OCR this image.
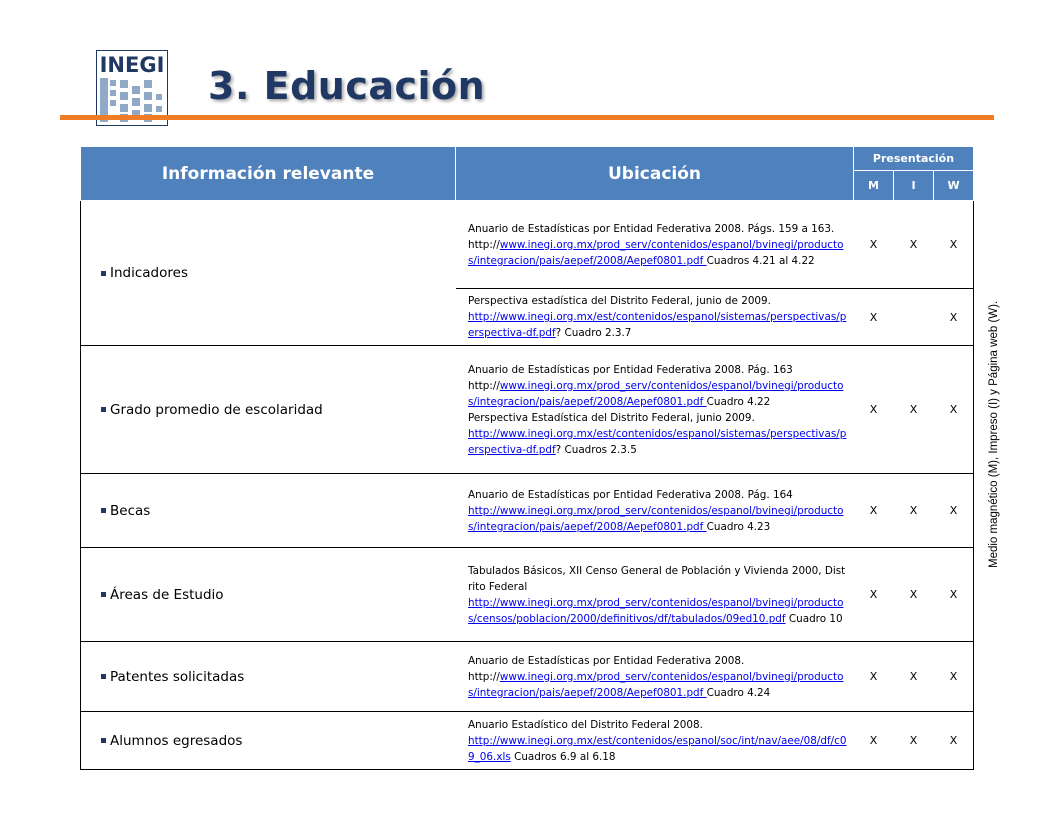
INEGI 3. Educación
Medio magnético (M), Impreso (I) y Página web (W).
Información relevante	Ubicación	Presentación		
		M	I	W
Indicadores	Anuario de Estadísticas por Entidad Federativa 2008. Págs. 159 a 163.
http://www.inegi.org.mx/prod_serv/contenidos/espanol/bvinegi/productos/integracion/pais/aepef/2008/Aepef0801.pdf Cuadros 4.21 al 4.22	X	X	X
	Perspectiva estadística del Distrito Federal, junio de 2009.
http://www.inegi.org.mx/est/contenidos/espanol/sistemas/perspectivas/perspectiva-df.pdf? Cuadro 2.3.7	X		X
Grado promedio de escolaridad	Anuario de Estadísticas por Entidad Federativa 2008. Pág. 163
http://www.inegi.org.mx/prod_serv/contenidos/espanol/bvinegi/productos/integracion/pais/aepef/2008/Aepef0801.pdf Cuadro 4.22
Perspectiva Estadística del Distrito Federal, junio 2009.
http://www.inegi.org.mx/est/contenidos/espanol/sistemas/perspectivas/perspectiva-df.pdf? Cuadros 2.3.5	X	X	X
Becas	Anuario de Estadísticas por Entidad Federativa 2008. Pág. 164
http://www.inegi.org.mx/prod_serv/contenidos/espanol/bvinegi/productos/integracion/pais/aepef/2008/Aepef0801.pdf Cuadro 4.23	X	X	X
Áreas de Estudio	Tabulados Básicos, XII Censo General de Población y Vivienda 2000, Distrito Federal
http://www.inegi.org.mx/prod_serv/contenidos/espanol/bvinegi/productos/censos/poblacion/2000/definitivos/df/tabulados/09ed10.pdf Cuadro 10	X	X	X
Patentes solicitadas	Anuario de Estadísticas por Entidad Federativa 2008.
http://www.inegi.org.mx/prod_serv/contenidos/espanol/bvinegi/productos/integracion/pais/aepef/2008/Aepef0801.pdf Cuadro 4.24	X	X	X
Alumnos egresados	Anuario Estadístico del Distrito Federal 2008.
http://www.inegi.org.mx/est/contenidos/espanol/soc/int/nav/aee/08/df/c09_06.xls Cuadros 6.9 al 6.18	X	X	X
